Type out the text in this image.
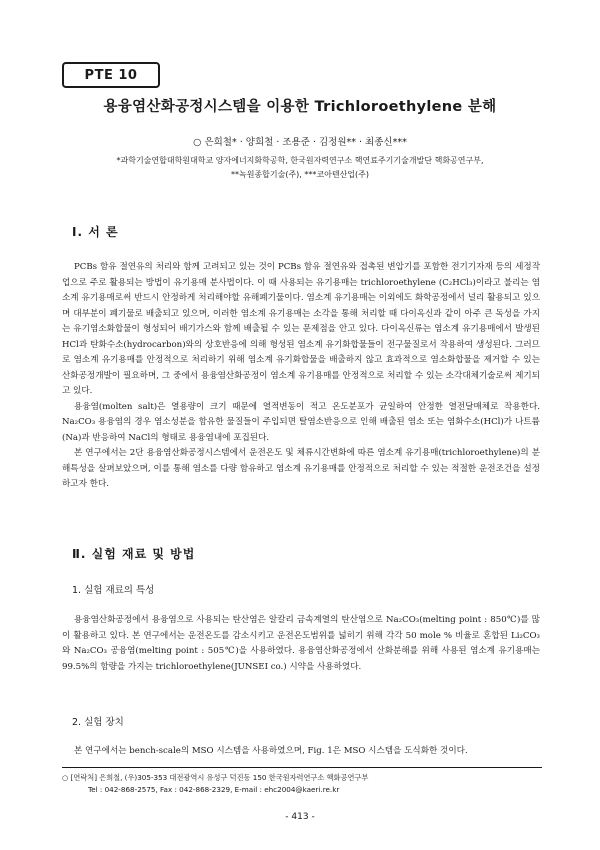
PTE 10
용융염산화공정시스템을 이용한 Trichloroethylene 분해
○ 은희철* · 양희철 · 조용준 · 김정원** · 최종신***
*과학기술연합대학원대학교 양자에너지화학공학, 한국원자력연구소 핵연료주기기술개발단 핵화공연구부,
**녹원종합기술(주), ***코아텐산업(주)
Ⅰ. 서 론

PCBs 함유 절연유의 처리와 함께 고려되고 있는 것이 PCBs 함유 절연유와 접촉된 변압기를 포함한 전기기자재 등의 세정작업으로 주로 활용되는 방법이 유기용매 분사법이다. 이 때 사용되는 유기용매는 trichloroethylene (C₂HCl₃)이라고 불리는 염소계 유기용매로써 반드시 안정하게 처리해야할 유해폐기물이다. 염소계 유기용매는 이외에도 화학공정에서 널리 활용되고 있으며 대부분이 폐기물로 배출되고 있으며, 이러한 염소계 유기용매는 소각을 통해 처리할 때 다이옥신과 같이 아주 큰 독성을 가지는 유기염소화합물이 형성되어 배기가스와 함께 배출될 수 있는 문제점을 안고 있다. 다이옥신류는 염소계 유기용매에서 발생된 HCl과 탄화수소(hydrocarbon)와의 상호반응에 의해 형성된 염소계 유기화합물들이 전구물질로서 작용하여 생성된다. 그러므로 염소계 유기용매를 안정적으로 처리하기 위해 염소계 유기화합물을 배출하지 않고 효과적으로 염소화합물을 제거할 수 있는 산화공정개발이 필요하며, 그 중에서 용융염산화공정이 염소계 유기용매를 안정적으로 처리할 수 있는 소각대체기술로써 제기되고 있다.

용융염(molten salt)은 열용량이 크기 때문에 열적변동이 적고 온도분포가 균일하여 안정한 열전달매체로 작용한다. Na₂CO₃ 용융염의 경우 염소성분을 함유한 물질들이 주입되면 탈염소반응으로 인해 배출된 염소 또는 염화수소(HCl)가 나트륨(Na)과 반응하여 NaCl의 형태로 용융염내에 포집된다.

본 연구에서는 2단 용융염산화공정시스템에서 운전온도 및 체류시간변화에 따른 염소계 유기용매(trichloroethylene)의 분해특성을 살펴보았으며, 이를 통해 염소를 다량 함유하고 염소계 유기용매를 안정적으로 처리할 수 있는 적절한 운전조건을 설정하고자 한다.

Ⅱ. 실험 재료 및 방법
1. 실험 재료의 특성

용융염산화공정에서 용융염으로 사용되는 탄산염은 알칼리 금속계열의 탄산염으로 Na₂CO₃(melting point : 850℃)를 많이 활용하고 있다. 본 연구에서는 운전온도를 감소시키고 운전온도범위를 넓히기 위해 각각 50 mole % 비율로 혼합된 Li₂CO₃와 Na₂CO₃ 공융염(melting point : 505℃)을 사용하였다. 용융염산화공정에서 산화분해를 위해 사용된 염소계 유기용매는 99.5%의 함량을 가지는 trichloroethylene(JUNSEI co.) 시약을 사용하였다.

2. 실험 장치

본 연구에서는 bench-scale의 MSO 시스템을 사용하였으며, Fig. 1은 MSO 시스템을 도식화한 것이다.

○ [연락처] 은희철, (우)305-353 대전광역시 유성구 덕진동 150 한국원자력연구소 핵화공연구부
Tel : 042-868-2575, Fax : 042-868-2329, E-mail : ehc2004@kaeri.re.kr
- 413 -
